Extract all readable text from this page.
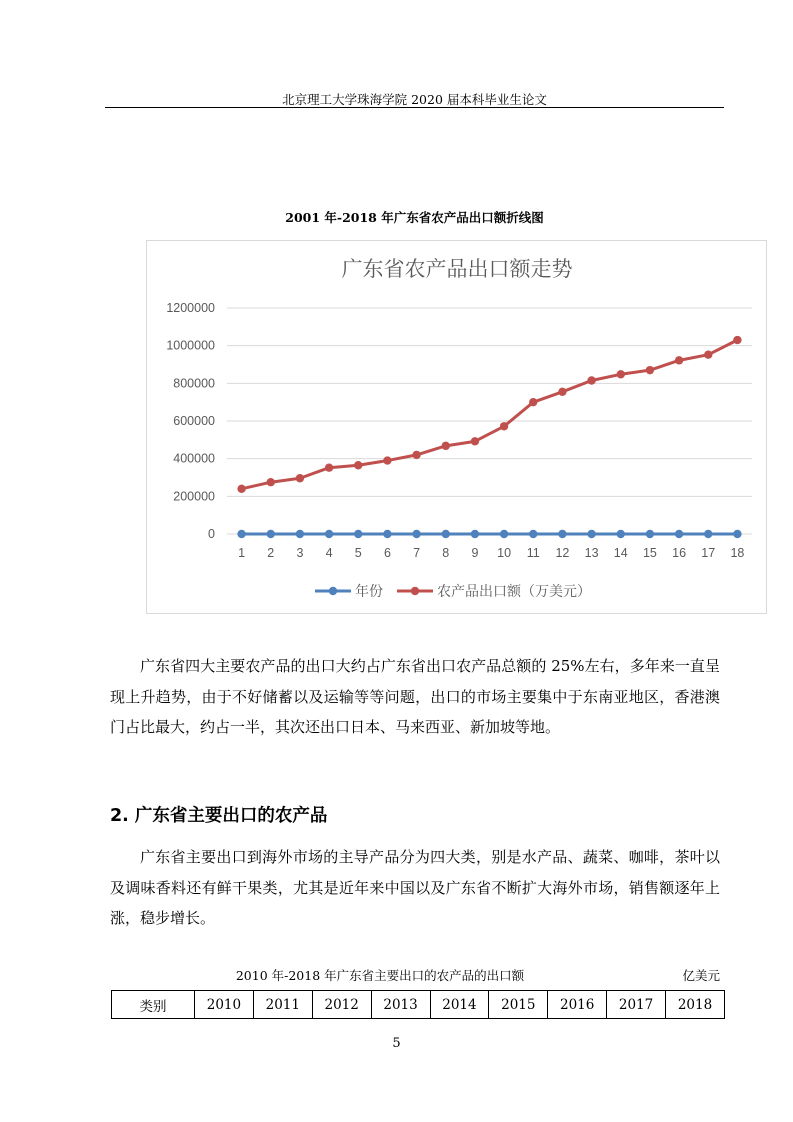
北京理工大学珠海学院 2020 届本科毕业生论文
2001 年-2018 年广东省农产品出口额折线图
广东省农产品出口额走势
0
200000
400000
600000
800000
1000000
1200000
1 2 3 4 5 6 7 8 9 10 11 12 13 14 15 16 17 18
年份	农产品出口额（万美元）
广东省四大主要农产品的出口大约占广东省出口农产品总额的 25%左右，多年来一直呈现上升趋势，由于不好储蓄以及运输等等问题，出口的市场主要集中于东南亚地区，香港澳门占比最大，约占一半，其次还出口日本、马来西亚、新加坡等地。
2. 广东省主要出口的农产品
广东省主要出口到海外市场的主导产品分为四大类，别是水产品、蔬菜、咖啡，茶叶以及调味香料还有鲜干果类，尤其是近年来中国以及广东省不断扩大海外市场，销售额逐年上涨，稳步增长。
2010 年-2018 年广东省主要出口的农产品的出口额	亿美元
类别	2010	2011	2012	2013	2014	2015	2016	2017	2018
5
